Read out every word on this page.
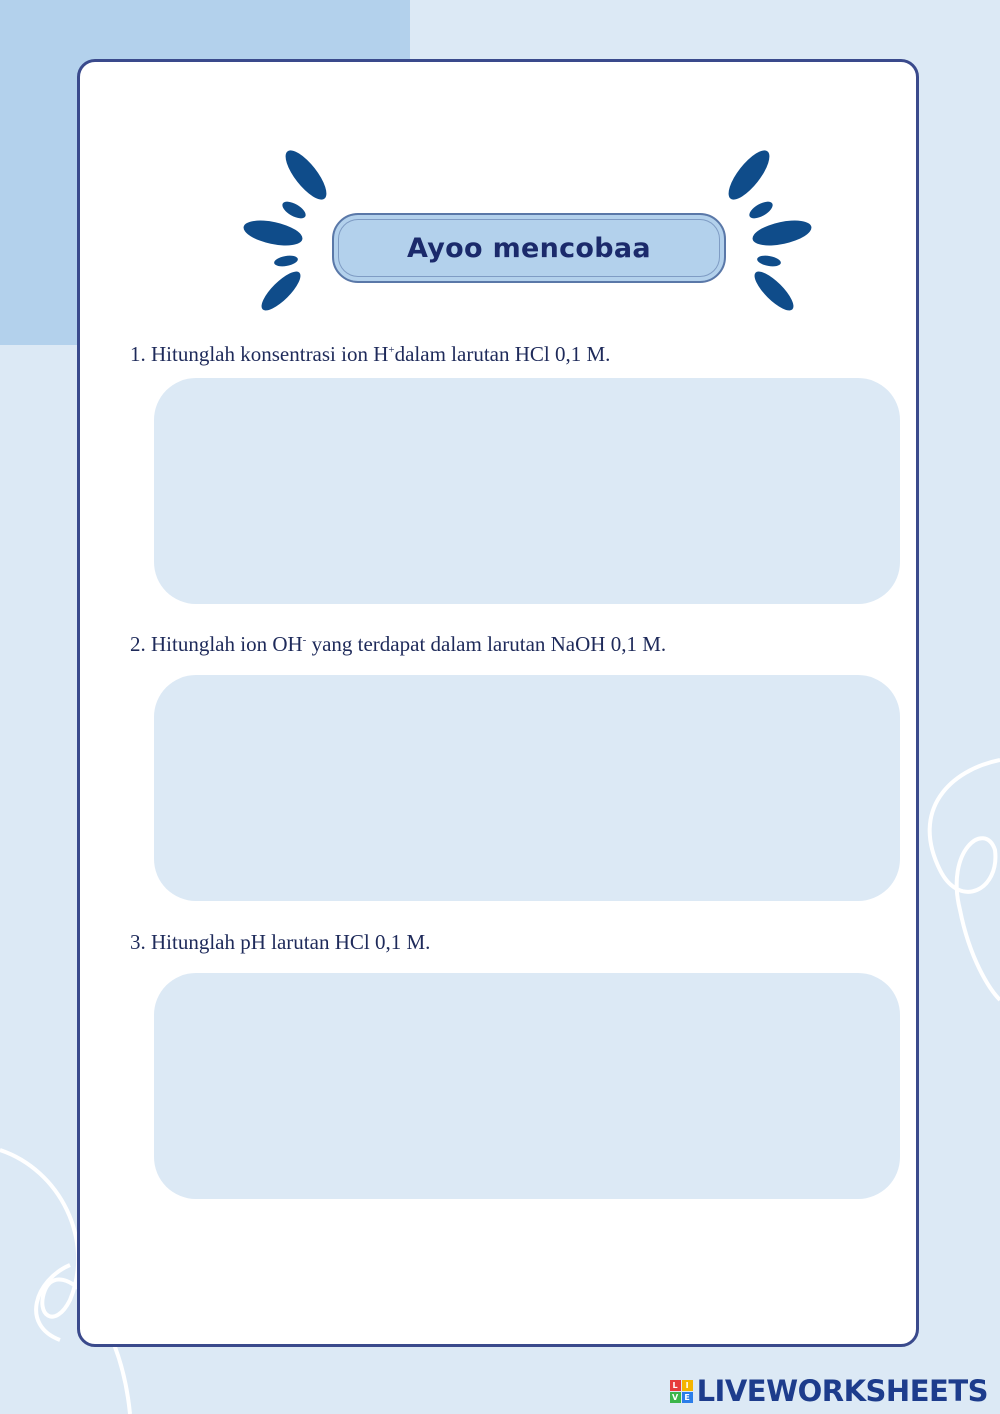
Ayoo mencobaa
1. Hitunglah konsentrasi ion H+dalam larutan HCl 0,1 M.
2. Hitunglah ion OH- yang terdapat dalam larutan NaOH 0,1 M.
3. Hitunglah pH larutan HCl 0,1 M.
L I
V E LIVEWORKSHEETS
